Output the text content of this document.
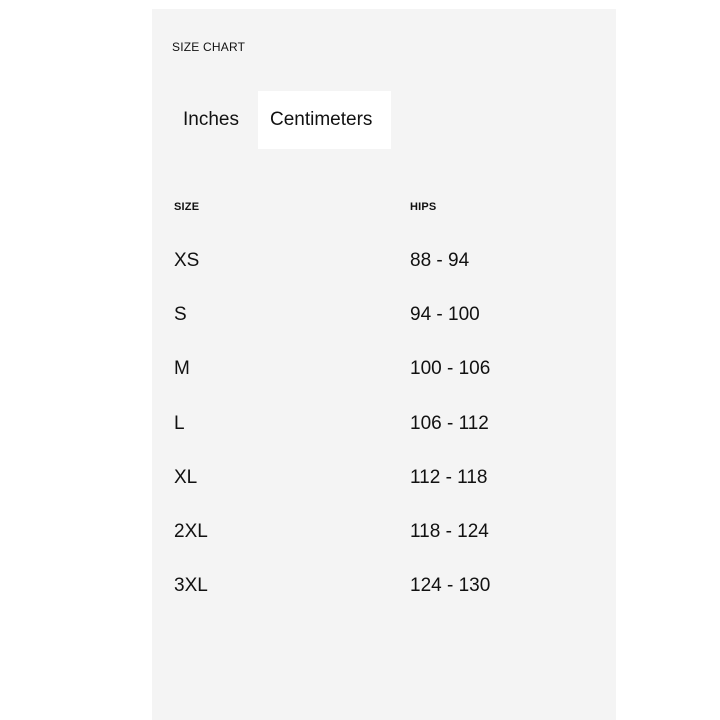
SIZE CHART
Inches	Centimeters
SIZE	HIPS
XS	88 - 94
S	94 - 100
M	100 - 106
L	106 - 112
XL	112 - 118
2XL	118 - 124
3XL	124 - 130
